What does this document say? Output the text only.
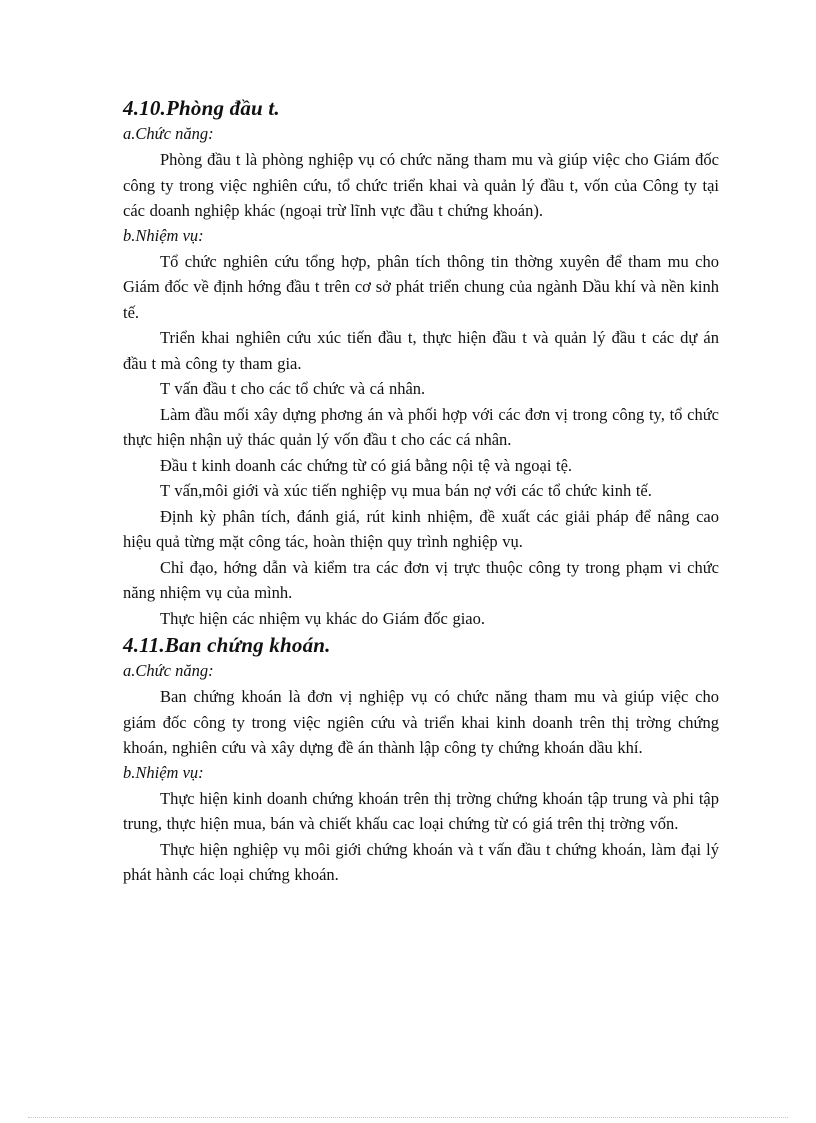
4.10.Phòng đầu t.

a.Chức năng:

Phòng đầu t là phòng nghiệp vụ có chức năng tham mu và giúp việc cho Giám đốc công ty trong việc nghiên cứu, tổ chức triển khai và quản lý đầu t, vốn của Công ty tại các doanh nghiệp khác (ngoại trừ lĩnh vực đầu t chứng khoán).

b.Nhiệm vụ:

Tổ chức nghiên cứu tổng hợp, phân tích thông tin thờng xuyên để tham mu cho Giám đốc về định hớng đầu t trên cơ sở phát triển chung của ngành Dầu khí và nền kinh tế.

Triển khai nghiên cứu xúc tiến đầu t, thực hiện đầu t và quản lý đầu t các dự án đầu t mà công ty tham gia.

T vấn đầu t cho các tổ chức và cá nhân.

Làm đầu mối xây dựng phơng án và phối hợp với các đơn vị trong công ty, tổ chức thực hiện nhận uỷ thác quản lý vốn đầu t cho các cá nhân.

Đầu t kinh doanh các chứng từ có giá bằng nội tệ và ngoại tệ.

T vấn,môi giới và xúc tiến nghiệp vụ mua bán nợ với các tổ chức kinh tế.

Định kỳ phân tích, đánh giá, rút kinh nhiệm, đề xuất các giải pháp để nâng cao hiệu quả từng mặt công tác, hoàn thiện quy trình nghiệp vụ.

Chỉ đạo, hớng dẫn và kiểm tra các đơn vị trực thuộc công ty trong phạm vi chức năng nhiệm vụ của mình.

Thực hiện các nhiệm vụ khác do Giám đốc giao.

4.11.Ban chứng khoán.

a.Chức năng:

Ban chứng khoán là đơn vị nghiệp vụ có chức năng tham mu và giúp việc cho giám đốc công ty trong việc ngiên cứu và triển khai kinh doanh trên thị trờng chứng khoán, nghiên cứu và xây dựng đề án thành lập công ty chứng khoán dầu khí.

b.Nhiệm vụ:

Thực hiện kinh doanh chứng khoán trên thị trờng chứng khoán tập trung và phi tập trung, thực hiện mua, bán và chiết khấu cac loại chứng từ có giá trên thị trờng vốn.

Thực hiện nghiệp vụ môi giới chứng khoán và t vấn đầu t chứng khoán, làm đại lý phát hành các loại chứng khoán.
